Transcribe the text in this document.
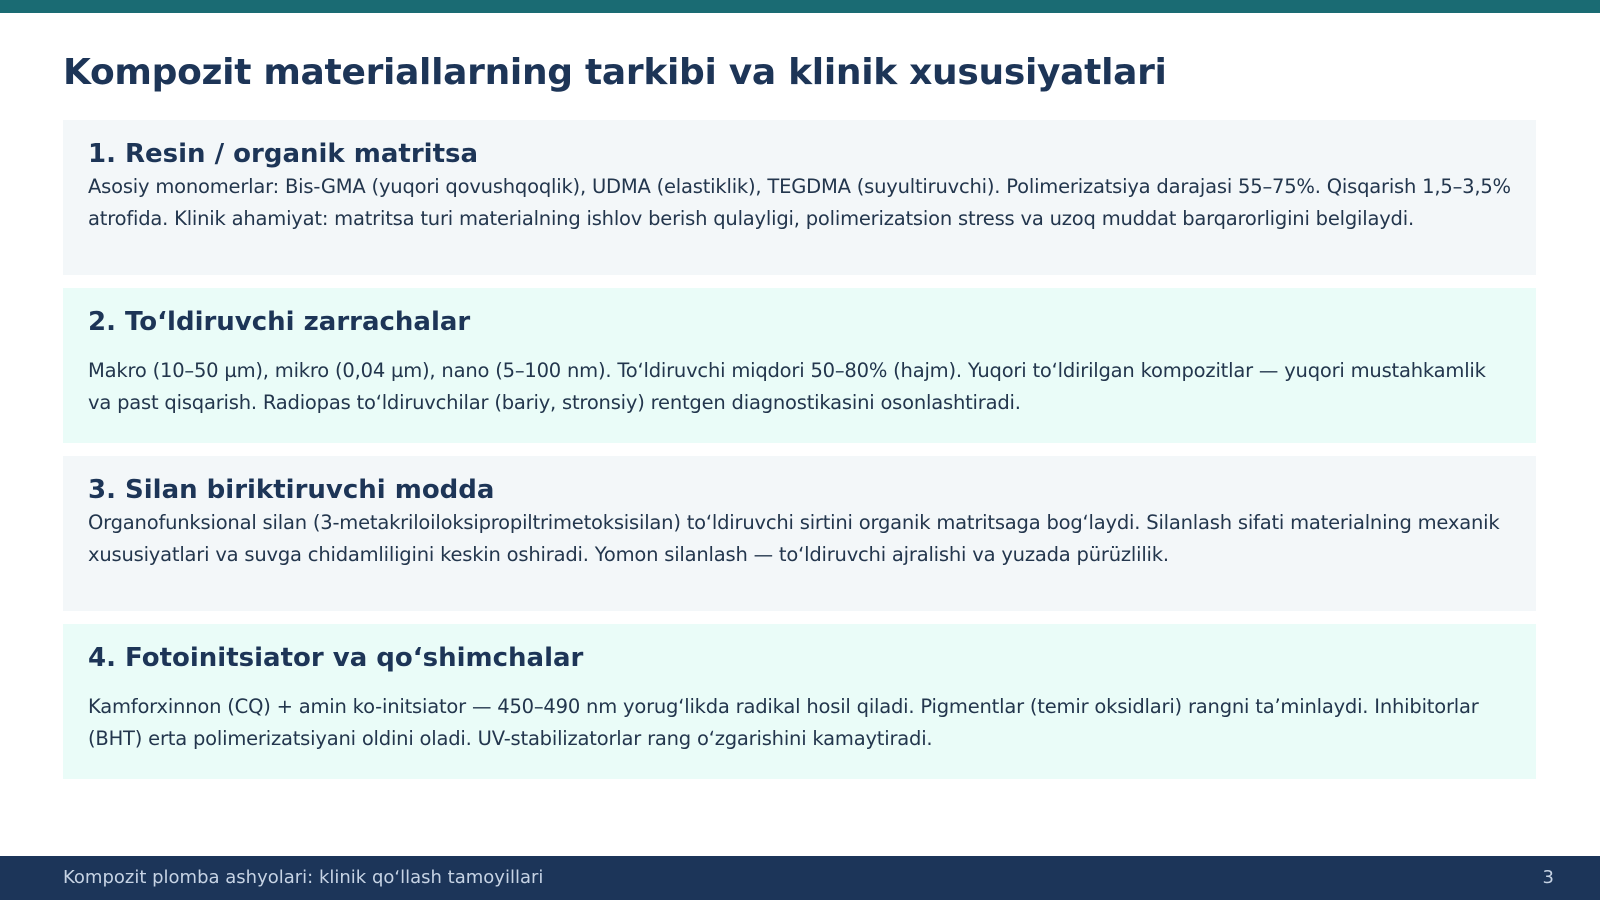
Kompozit materiallarning tarkibi va klinik xususiyatlari
1. Resin / organik matritsa

Asosiy monomerlar: Bis-GMA (yuqori qovushqoqlik), UDMA (elastiklik), TEGDMA (suyultiruvchi). Polimerizatsiya darajasi 55–75%. Qisqarish 1,5–3,5% atrofida. Klinik ahamiyat: matritsa turi materialning ishlov berish qulayligi, polimerizatsion stress va uzoq muddat barqarorligini belgilaydi.

2. Toʻldiruvchi zarrachalar

Makro (10–50 µm), mikro (0,04 µm), nano (5–100 nm). Toʻldiruvchi miqdori 50–80% (hajm). Yuqori toʻldirilgan kompozitlar — yuqori mustahkamlik va past qisqarish. Radiopas toʻldiruvchilar (bariy, stronsiy) rentgen diagnostikasini osonlashtiradi.

3. Silan biriktiruvchi modda

Organofunksional silan (3-metakriloiloksipropiltrimetoksisilan) toʻldiruvchi sirtini organik matritsaga bogʻlaydi. Silanlash sifati materialning mexanik xususiyatlari va suvga chidamliligini keskin oshiradi. Yomon silanlash — toʻldiruvchi ajralishi va yuzada pürüzlilik.

4. Fotoinitsiator va qoʻshimchalar

Kamforxinnon (CQ) + amin ko-initsiator — 450–490 nm yorugʻlikda radikal hosil qiladi. Pigmentlar (temir oksidlari) rangni taʼminlaydi. Inhibitorlar (BHT) erta polimerizatsiyani oldini oladi. UV-stabilizatorlar rang oʻzgarishini kamaytiradi.

Kompozit plomba ashyolari: klinik qoʻllash tamoyillari	3
